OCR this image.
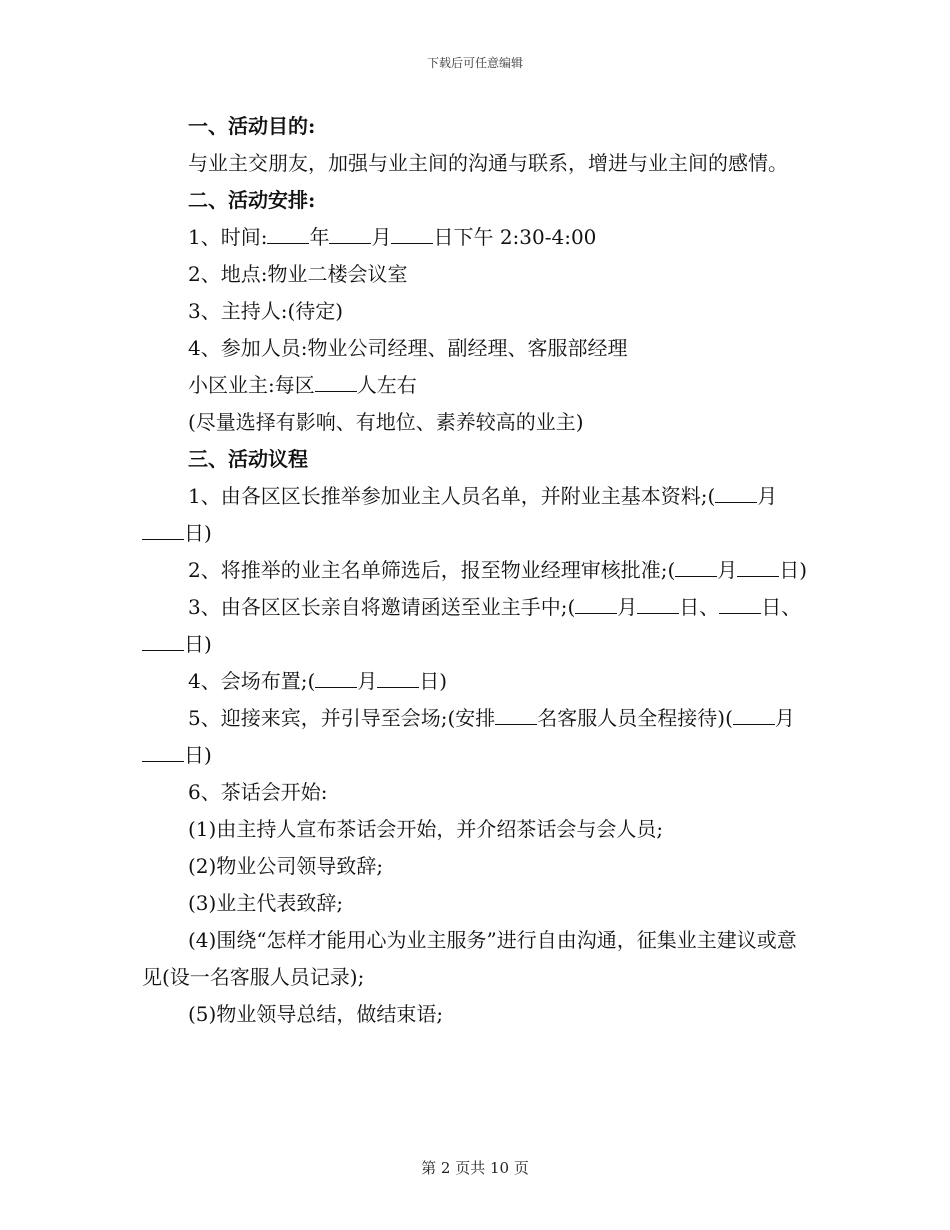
下载后可任意编辑

一、活动目的:

与业主交朋友，加强与业主间的沟通与联系，增进与业主间的感情。

二、活动安排:

1、时间: 年 月 日下午 2:30-4:00

2、地点:物业二楼会议室

3、主持人:(待定)

4、参加人员:物业公司经理、副经理、客服部经理

小区业主:每区 人左右

(尽量选择有影响、有地位、素养较高的业主)

三、活动议程

1、由各区区长推举参加业主人员名单，并附业主基本资料;( 月日)

2、将推举的业主名单筛选后，报至物业经理审核批准;( 月 日)

3、由各区区长亲自将邀请函送至业主手中;( 月 日、 日、日)

4、会场布置;( 月 日)

5、迎接来宾，并引导至会场;(安排 名客服人员全程接待)( 月日)

6、茶话会开始:

(1)由主持人宣布茶话会开始，并介绍茶话会与会人员;

(2)物业公司领导致辞;

(3)业主代表致辞;

(4)围绕“怎样才能用心为业主服务”进行自由沟通，征集业主建议或意见(设一名客服人员记录);

(5)物业领导总结，做结束语;

第 2 页共 10 页
